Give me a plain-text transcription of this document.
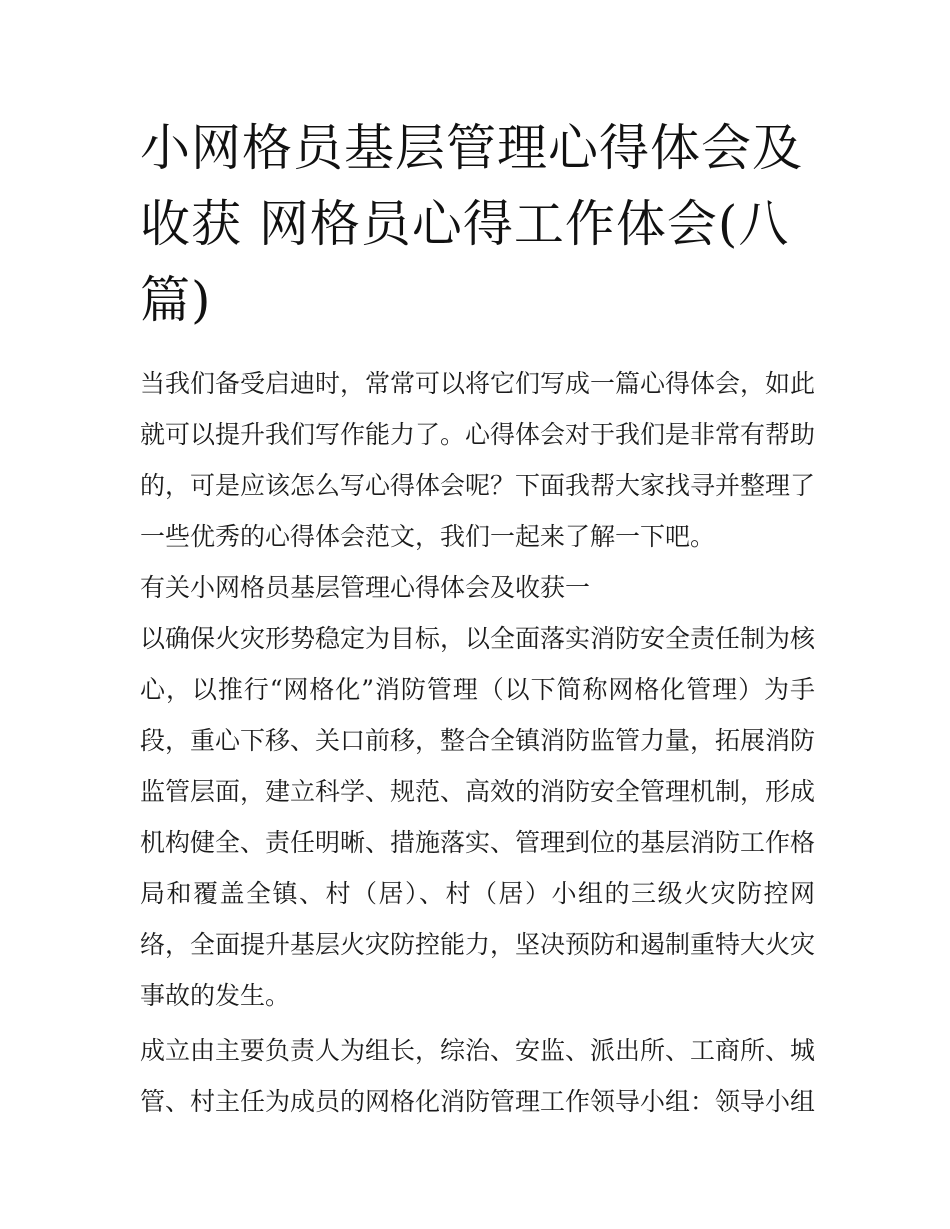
小网格员基层管理心得体会及收获 网格员心得工作体会(八篇)

当我们备受启迪时，常常可以将它们写成一篇心得体会，如此就可以提升我们写作能力了。心得体会对于我们是非常有帮助的，可是应该怎么写心得体会呢？下面我帮大家找寻并整理了一些优秀的心得体会范文，我们一起来了解一下吧。

有关小网格员基层管理心得体会及收获一

以确保火灾形势稳定为目标，以全面落实消防安全责任制为核心，以推行“网格化”消防管理（以下简称网格化管理）为手段，重心下移、关口前移，整合全镇消防监管力量，拓展消防监管层面，建立科学、规范、高效的消防安全管理机制，形成机构健全、责任明晰、措施落实、管理到位的基层消防工作格局和覆盖全镇、村（居）、村（居）小组的三级火灾防控网络，全面提升基层火灾防控能力，坚决预防和遏制重特大火灾事故的发生。

成立由主要负责人为组长，综治、安监、派出所、工商所、城管、村主任为成员的网格化消防管理工作领导小组：领导小组
